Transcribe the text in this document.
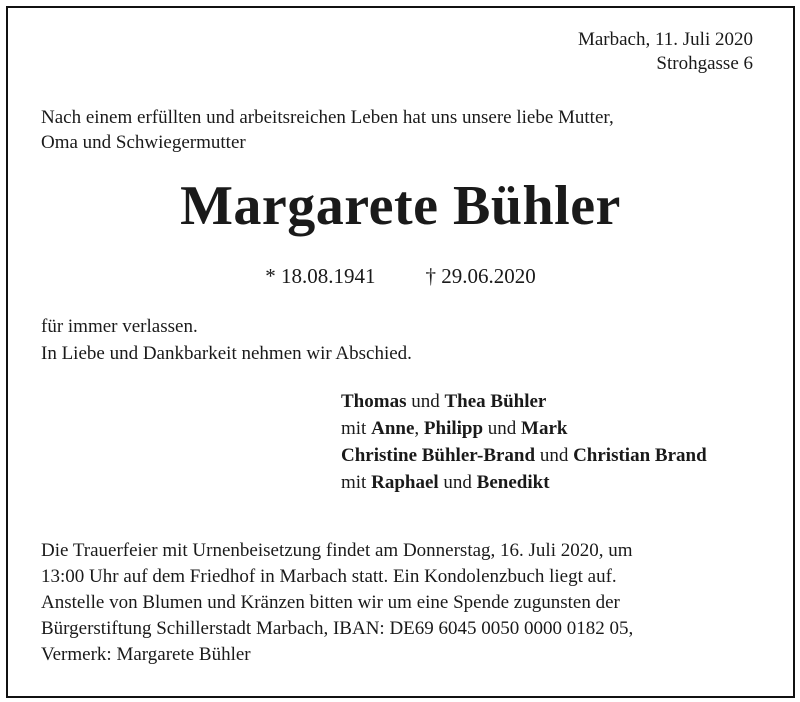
Marbach, 11. Juli 2020
Strohgasse 6
Nach einem erfüllten und arbeitsreichen Leben hat uns unsere liebe Mutter,
Oma und Schwiegermutter
Margarete Bühler
* 18.08.1941 † 29.06.2020
für immer verlassen.
In Liebe und Dankbarkeit nehmen wir Abschied.
Thomas und Thea Bühler
mit Anne, Philipp und Mark
Christine Bühler-Brand und Christian Brand
mit Raphael und Benedikt

Die Trauerfeier mit Urnenbeisetzung findet am Donnerstag, 16. Juli 2020, um

13:00 Uhr auf dem Friedhof in Marbach statt. Ein Kondolenzbuch liegt auf.

Anstelle von Blumen und Kränzen bitten wir um eine Spende zugunsten der

Bürgerstiftung Schillerstadt Marbach, IBAN: DE69 6045 0050 0000 0182 05,

Vermerk: Margarete Bühler
